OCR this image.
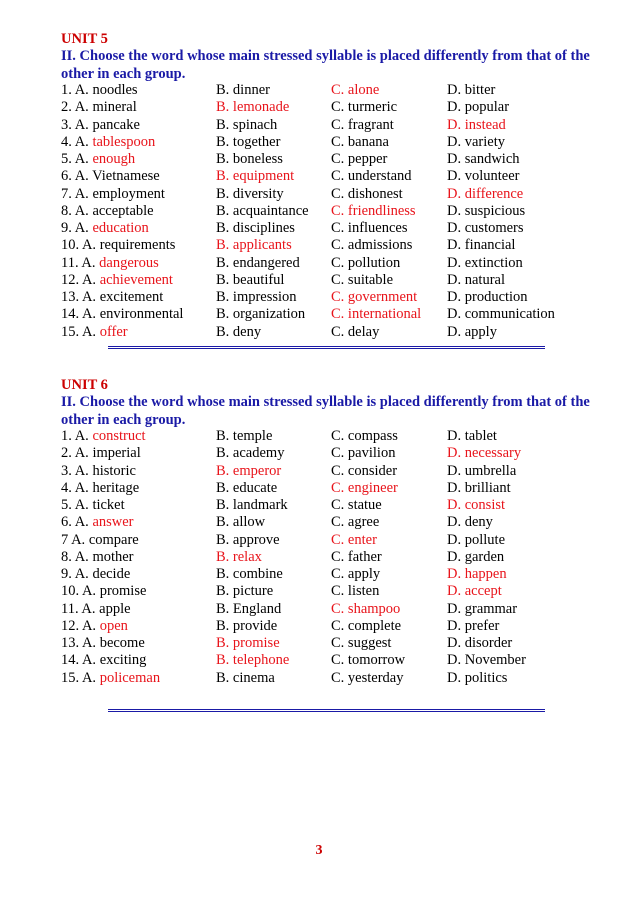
UNIT 5
II. Choose the word whose main stressed syllable is placed differently from that of the other in each group.
1. A. noodles	B. dinner	C. alone	D. bitter
2. A. mineral	B. lemonade	C. turmeric	D. popular
3. A. pancake	B. spinach	C. fragrant	D. instead
4. A. tablespoon	B. together	C. banana	D. variety
5. A. enough	B. boneless	C. pepper	D. sandwich
6. A. Vietnamese	B. equipment	C. understand D. volunteer
7. A. employment	B. diversity	C. dishonest	D. difference
8. A. acceptable	B. acquaintance C. friendliness D. suspicious
9. A. education	B. disciplines C. influences	D. customers
10. A. requirements	B. applicants	C. admissions D. financial
11. A. dangerous	B. endangered C. pollution	D. extinction
12. A. achievement	B. beautiful	C. suitable	D. natural
13. A. excitement	B. impression C. government D. production
14. A. environmental B. organization C. international D. communication
15. A. offer	B. deny	C. delay	D. apply
UNIT 6
II. Choose the word whose main stressed syllable is placed differently from that of the other in each group.
1. A. construct	B. temple	C. compass	D. tablet
2. A. imperial	B. academy	C. pavilion	D. necessary
3. A. historic	B. emperor	C. consider	D. umbrella
4. A. heritage	B. educate	C. engineer	D. brilliant
5. A. ticket	B. landmark	C. statue	D. consist
6. A. answer	B. allow	C. agree	D. deny
7 A. compare	B. approve	C. enter	D. pollute
8. A. mother	B. relax	C. father	D. garden
9. A. decide	B. combine	C. apply	D. happen
10. A. promise	B. picture	C. listen	D. accept
11. A. apple	B. England	C. shampoo	D. grammar
12. A. open	B. provide	C. complete	D. prefer
13. A. become	B. promise	C. suggest	D. disorder
14. A. exciting	B. telephone	C. tomorrow	D. November
15. A. policeman	B. cinema	C. yesterday	D. politics
3
